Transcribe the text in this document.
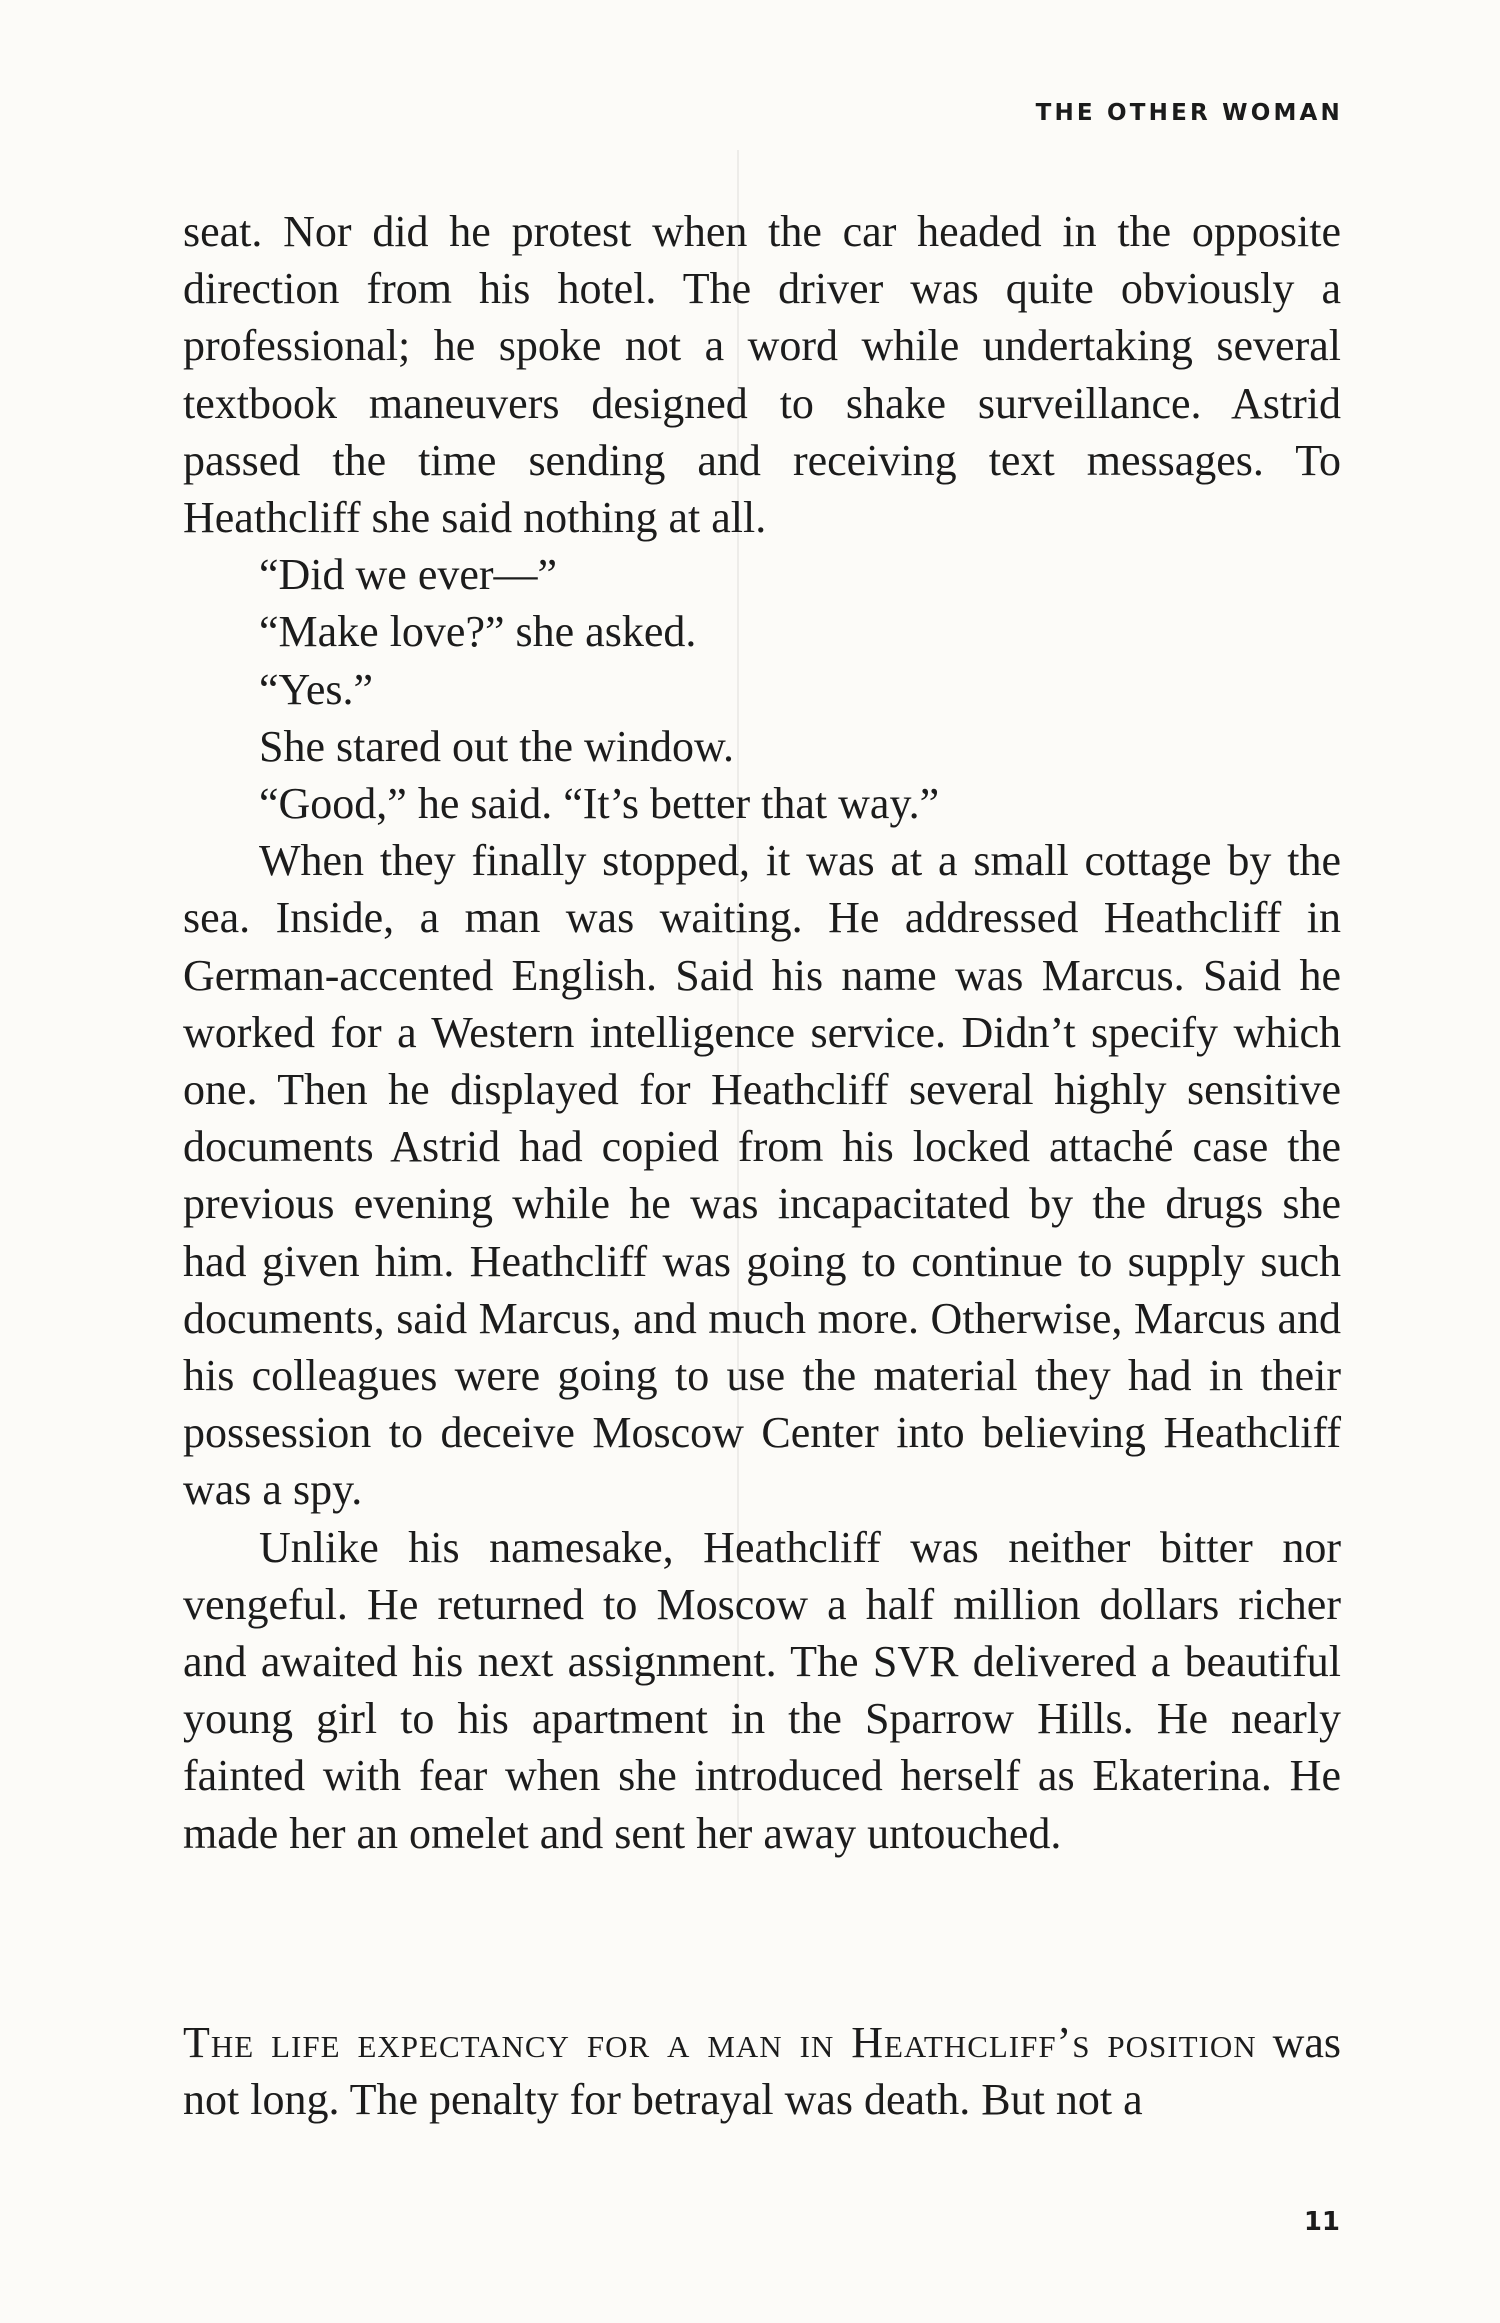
THE OTHER WOMAN

seat. Nor did he protest when the car headed in the opposite direction from his hotel. The driver was quite obviously a professional; he spoke not a word while undertaking several textbook maneuvers designed to shake surveillance. Astrid passed the time sending and receiving text messages. To Heathcliff she said nothing at all.

“Did we ever—”

“Make love?” she asked.

“Yes.”

She stared out the window.

“Good,” he said. “It’s better that way.”

When they finally stopped, it was at a small cottage by the sea. Inside, a man was waiting. He addressed Heathcliff in German-accented English. Said his name was Marcus. Said he worked for a Western intelligence service. Didn’t specify which one. Then he displayed for Heathcliff several highly sensitive documents Astrid had copied from his locked attaché case the previous evening while he was incapacitated by the drugs she had given him. Heathcliff was going to continue to supply such documents, said Marcus, and much more. Otherwise, Marcus and his colleagues were going to use the material they had in their possession to deceive Moscow Center into believing Heathcliff was a spy.

Unlike his namesake, Heathcliff was neither bitter nor vengeful. He returned to Moscow a half million dollars richer and awaited his next assignment. The SVR delivered a beautiful young girl to his apartment in the Sparrow Hills. He nearly fainted with fear when she introduced herself as Ekaterina. He made her an omelet and sent her away untouched.

The life expectancy for a man in Heathcliff’s position was not long. The penalty for betrayal was death. But not a

11
